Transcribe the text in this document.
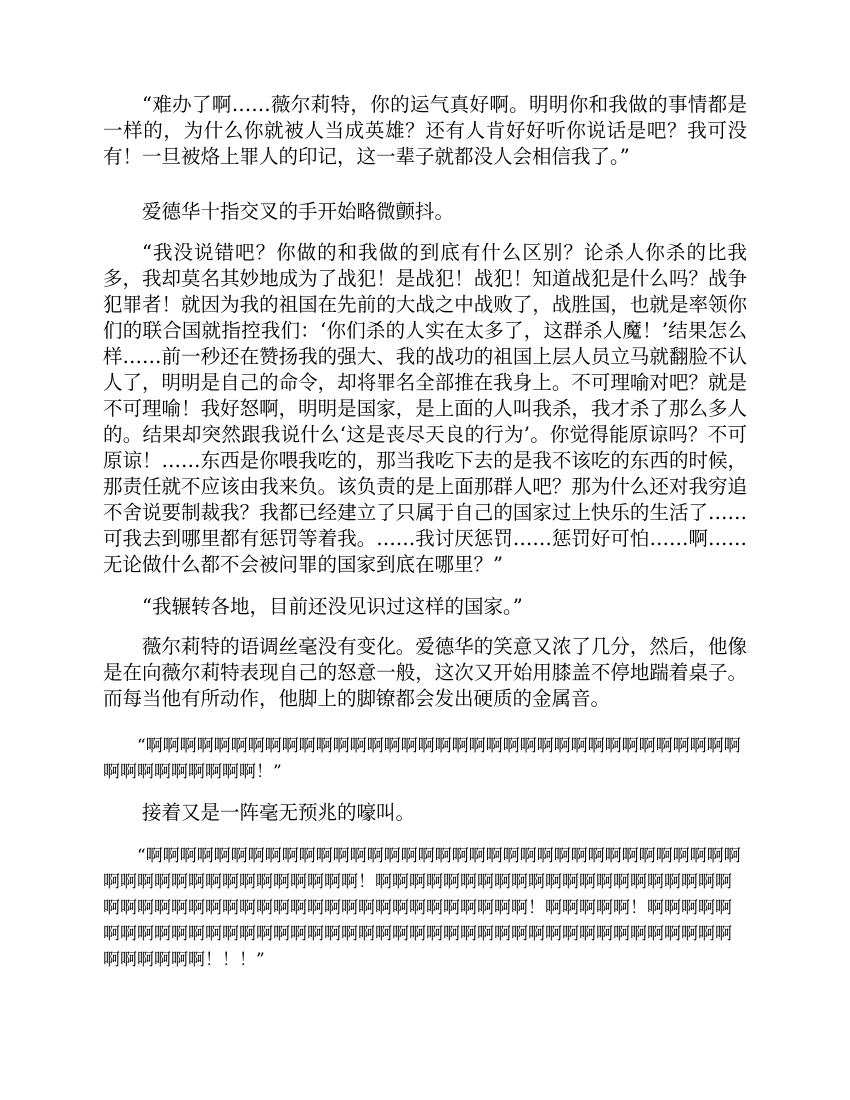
“难办了啊……薇尔莉特，你的运气真好啊。明明你和我做的事情都是一样的，为什么你就被人当成英雄？还有人肯好好听你说话是吧？我可没有！一旦被烙上罪人的印记，这一辈子就都没人会相信我了。”

爱德华十指交叉的手开始略微颤抖。

“我没说错吧？你做的和我做的到底有什么区别？论杀人你杀的比我多，我却莫名其妙地成为了战犯！是战犯！战犯！知道战犯是什么吗？战争犯罪者！就因为我的祖国在先前的大战之中战败了，战胜国，也就是率领你们的联合国就指控我们：‘你们杀的人实在太多了，这群杀人魔！’结果怎么样……前一秒还在赞扬我的强大、我的战功的祖国上层人员立马就翻脸不认人了，明明是自己的命令，却将罪名全部推在我身上。不可理喻对吧？就是不可理喻！我好怒啊，明明是国家，是上面的人叫我杀，我才杀了那么多人的。结果却突然跟我说什么‘这是丧尽天良的行为’。你觉得能原谅吗？不可原谅！……东西是你喂我吃的，那当我吃下去的是我不该吃的东西的时候，那责任就不应该由我来负。该负责的是上面那群人吧？那为什么还对我穷追不舍说要制裁我？我都已经建立了只属于自己的国家过上快乐的生活了……可我去到哪里都有惩罚等着我。……我讨厌惩罚……惩罚好可怕……啊……无论做什么都不会被问罪的国家到底在哪里？”

“我辗转各地，目前还没见识过这样的国家。”

薇尔莉特的语调丝毫没有变化。爱德华的笑意又浓了几分，然后，他像是在向薇尔莉特表现自己的怒意一般，这次又开始用膝盖不停地踹着桌子。而每当他有所动作，他脚上的脚镣都会发出硬质的金属音。

“啊啊啊啊啊啊啊啊啊啊啊啊啊啊啊啊啊啊啊啊啊啊啊啊啊啊啊啊啊啊啊啊啊啊啊啊啊啊啊啊啊啊啊啊！”

接着又是一阵毫无预兆的嚎叫。

“啊啊啊啊啊啊啊啊啊啊啊啊啊啊啊啊啊啊啊啊啊啊啊啊啊啊啊啊啊啊啊啊啊啊啊啊啊啊啊啊啊啊啊啊啊啊啊啊啊啊！啊啊啊啊啊啊啊啊啊啊啊啊啊啊啊啊啊啊啊啊啊啊啊啊啊啊啊啊啊啊啊啊啊啊啊啊啊啊啊啊啊啊啊啊啊啊！啊啊啊啊啊！啊啊啊啊啊啊啊啊啊啊啊啊啊啊啊啊啊啊啊啊啊啊啊啊啊啊啊啊啊啊啊啊啊啊啊啊啊啊啊啊啊啊啊啊啊啊啊啊！！！”
